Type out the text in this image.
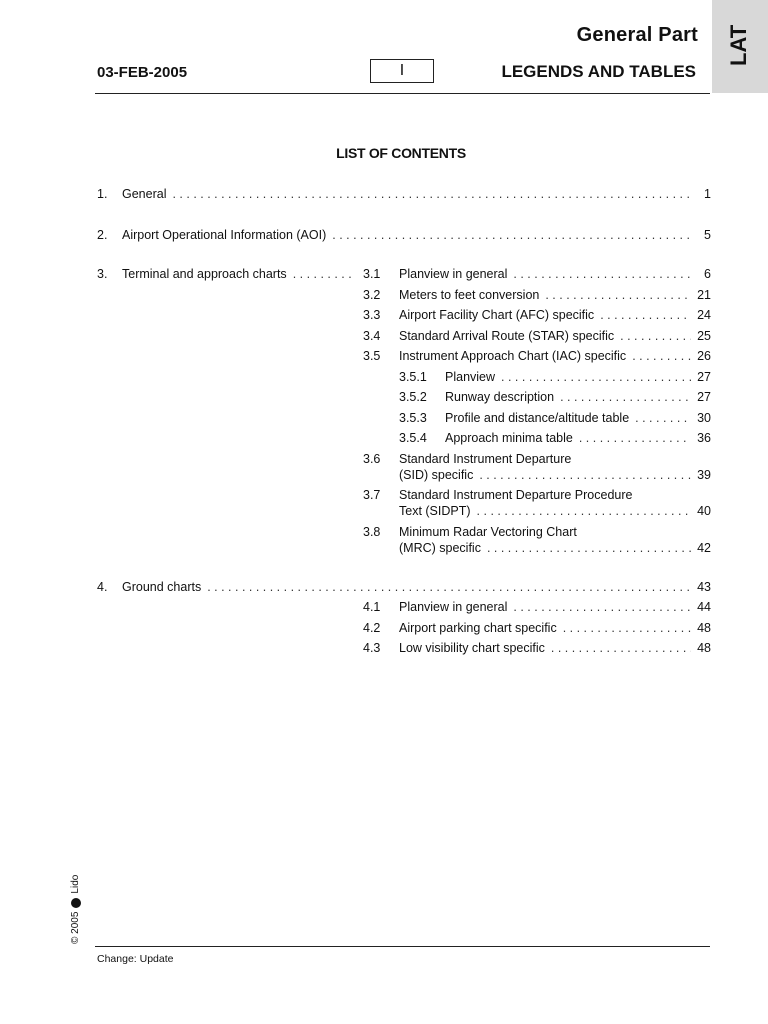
General Part
03-FEB-2005	I	LEGENDS AND TABLES
LAT
LIST OF CONTENTS
1. General . . .	1
2. Airport Operational Information (AOI) . . .	5
3. Terminal and approach charts . . .	3.1 Planview in general . . .	6
3.2 Meters to feet conversion . . .	21
3.3 Airport Facility Chart (AFC) specific . . .	24
3.4 Standard Arrival Route (STAR) specific . . .	25
3.5 Instrument Approach Chart (IAC) specific . . .	26
3.5.1 Planview . . .	27
3.5.2 Runway description . . .	27
3.5.3 Profile and distance/altitude table . . .	30
3.5.4 Approach minima table . . .	36
3.6 Standard Instrument Departure
(SID) specific . . .	39
3.7 Standard Instrument Departure Procedure
Text (SIDPT) . . .	40
3.8 Minimum Radar Vectoring Chart
(MRC) specific . . .	42
4. Ground charts . . .	43
4.1 Planview in general . . .	44
4.2 Airport parking chart specific . . .	48
4.3 Low visibility chart specific . . .	48
© 2005
Lido
Change: Update
